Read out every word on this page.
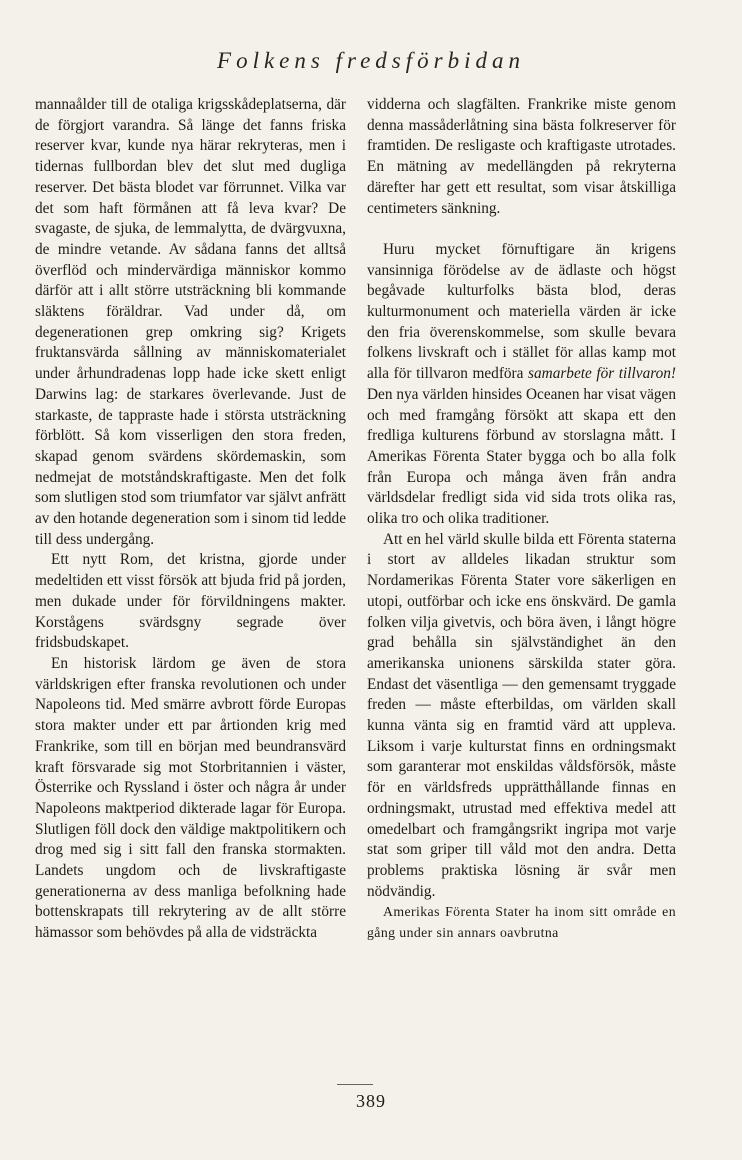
Folkens fredsförbidan

mannaålder till de otaliga krigsskådeplatserna, där de förgjort varandra. Så länge det fanns friska reserver kvar, kunde nya härar rekryteras, men i tidernas fullbordan blev det slut med dugliga reserver. Det bästa blodet var förrunnet. Vilka var det som haft förmånen att få leva kvar? De svagaste, de sjuka, de lemmalytta, de dvärgvuxna, de mindre vetande. Av sådana fanns det alltså överflöd och mindervärdiga människor kommo därför att i allt större utsträckning bli kommande släktens föräldrar. Vad under då, om degenerationen grep omkring sig? Krigets fruktansvärda sållning av människomaterialet under århundradenas lopp hade icke skett enligt Darwins lag: de starkares överlevande. Just de starkaste, de tappraste hade i största utsträckning förblött. Så kom visserligen den stora freden, skapad genom svärdens skördemaskin, som nedmejat de motståndskraftigaste. Men det folk som slutligen stod som triumfator var självt anfrätt av den hotande degeneration som i sinom tid ledde till dess undergång.

Ett nytt Rom, det kristna, gjorde under medeltiden ett visst försök att bjuda frid på jorden, men dukade under för förvildningens makter. Korstågens svärdsgny segrade över fridsbudskapet.

En historisk lärdom ge även de stora världskrigen efter franska revolutionen och under Napoleons tid. Med smärre avbrott förde Europas stora makter under ett par årtionden krig med Frankrike, som till en början med beundransvärd kraft försvarade sig mot Storbritannien i väster, Österrike och Ryssland i öster och några år under Napoleons maktperiod dikterade lagar för Europa. Slutligen föll dock den väldige maktpolitikern och drog med sig i sitt fall den franska stormakten. Landets ungdom och de livskraftigaste generationerna av dess manliga befolkning hade bottenskrapats till rekrytering av de allt större hämassor som behövdes på alla de vidsträckta

vidderna och slagfälten. Frankrike miste genom denna massåderlåtning sina bästa folkreserver för framtiden. De resligaste och kraftigaste utrotades. En mätning av medellängden på rekryterna därefter har gett ett resultat, som visar åtskilliga centimeters sänkning.

Huru mycket förnuftigare än krigens vansinniga förödelse av de ädlaste och högst begåvade kulturfolks bästa blod, deras kulturmonument och materiella värden är icke den fria överenskommelse, som skulle bevara folkens livskraft och i stället för allas kamp mot alla för tillvaron medföra samarbete för tillvaron! Den nya världen hinsides Oceanen har visat vägen och med framgång försökt att skapa ett den fredliga kulturens förbund av storslagna mått. I Amerikas Förenta Stater bygga och bo alla folk från Europa och många även från andra världsdelar fredligt sida vid sida trots olika ras, olika tro och olika traditioner.

Att en hel värld skulle bilda ett Förenta staterna i stort av alldeles likadan struktur som Nordamerikas Förenta Stater vore säkerligen en utopi, outförbar och icke ens önskvärd. De gamla folken vilja givetvis, och böra även, i långt högre grad behålla sin självständighet än den amerikanska unionens särskilda stater göra. Endast det väsentliga — den gemensamt tryggade freden — måste efterbildas, om världen skall kunna vänta sig en framtid värd att uppleva. Liksom i varje kulturstat finns en ordningsmakt som garanterar mot enskildas våldsförsök, måste för en världsfreds upprätthållande finnas en ordningsmakt, utrustad med effektiva medel att omedelbart och framgångsrikt ingripa mot varje stat som griper till våld mot den andra. Detta problems praktiska lösning är svår men nödvändig.

Amerikas Förenta Stater ha inom sitt område en gång under sin annars oavbrutna

389
